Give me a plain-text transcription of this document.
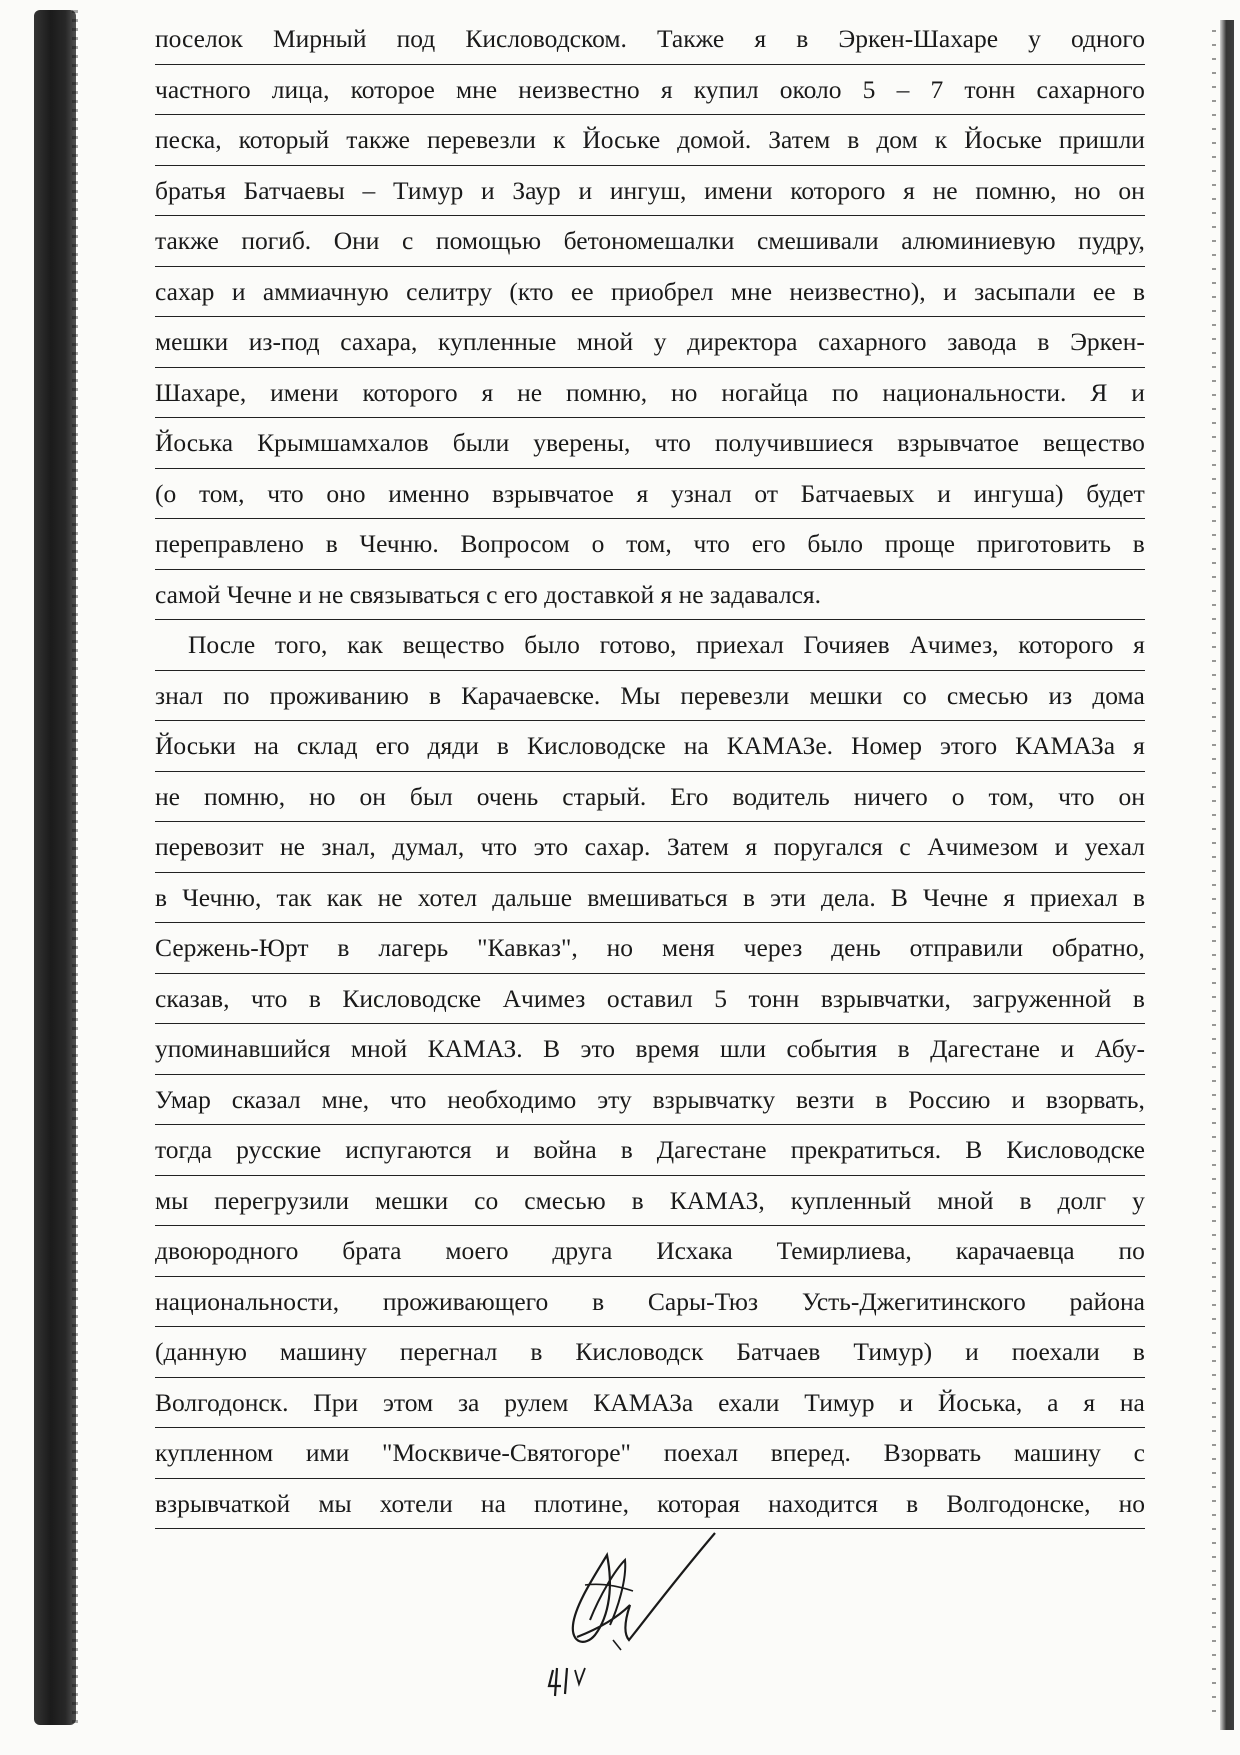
поселок Мирный под Кисловодском. Также я в Эркен-Шахаре у одного
частного лица, которое мне неизвестно я купил около 5 – 7 тонн сахарного
песка, который также перевезли к Йоське домой. Затем в дом к Йоське пришли
братья Батчаевы – Тимур и Заур и ингуш, имени которого я не помню, но он
также погиб. Они с помощью бетономешалки смешивали алюминиевую пудру,
сахар и аммиачную селитру (кто ее приобрел мне неизвестно), и засыпали ее в
мешки из-под сахара, купленные мной у директора сахарного завода в Эркен-
Шахаре, имени которого я не помню, но ногайца по национальности. Я и
Йоська Крымшамхалов были уверены, что получившиеся взрывчатое вещество
(о том, что оно именно взрывчатое я узнал от Батчаевых и ингуша) будет
переправлено в Чечню. Вопросом о том, что его было проще приготовить в
самой Чечне и не связываться с его доставкой я не задавался.
После того, как вещество было готово, приехал Гочияев Ачимез, которого я
знал по проживанию в Карачаевске. Мы перевезли мешки со смесью из дома
Йоськи на склад его дяди в Кисловодске на КАМАЗе. Номер этого КАМАЗа я
не помню, но он был очень старый. Его водитель ничего о том, что он
перевозит не знал, думал, что это сахар. Затем я поругался с Ачимезом и уехал
в Чечню, так как не хотел дальше вмешиваться в эти дела. В Чечне я приехал в
Сержень-Юрт в лагерь "Кавказ", но меня через день отправили обратно,
сказав, что в Кисловодске Ачимез оставил 5 тонн взрывчатки, загруженной в
упоминавшийся мной КАМАЗ. В это время шли события в Дагестане и Абу-
Умар сказал мне, что необходимо эту взрывчатку везти в Россию и взорвать,
тогда русские испугаются и война в Дагестане прекратиться. В Кисловодске
мы перегрузили мешки со смесью в КАМАЗ, купленный мной в долг у
двоюродного брата моего друга Исхака Темирлиева, карачаевца по
национальности, проживающего в Сары-Тюз Усть-Джегитинского района
(данную машину перегнал в Кисловодск Батчаев Тимур) и поехали в
Волгодонск. При этом за рулем КАМАЗа ехали Тимур и Йоська, а я на
купленном ими "Москвиче-Святогоре" поехал вперед. Взорвать машину с
взрывчаткой мы хотели на плотине, которая находится в Волгодонске, но
